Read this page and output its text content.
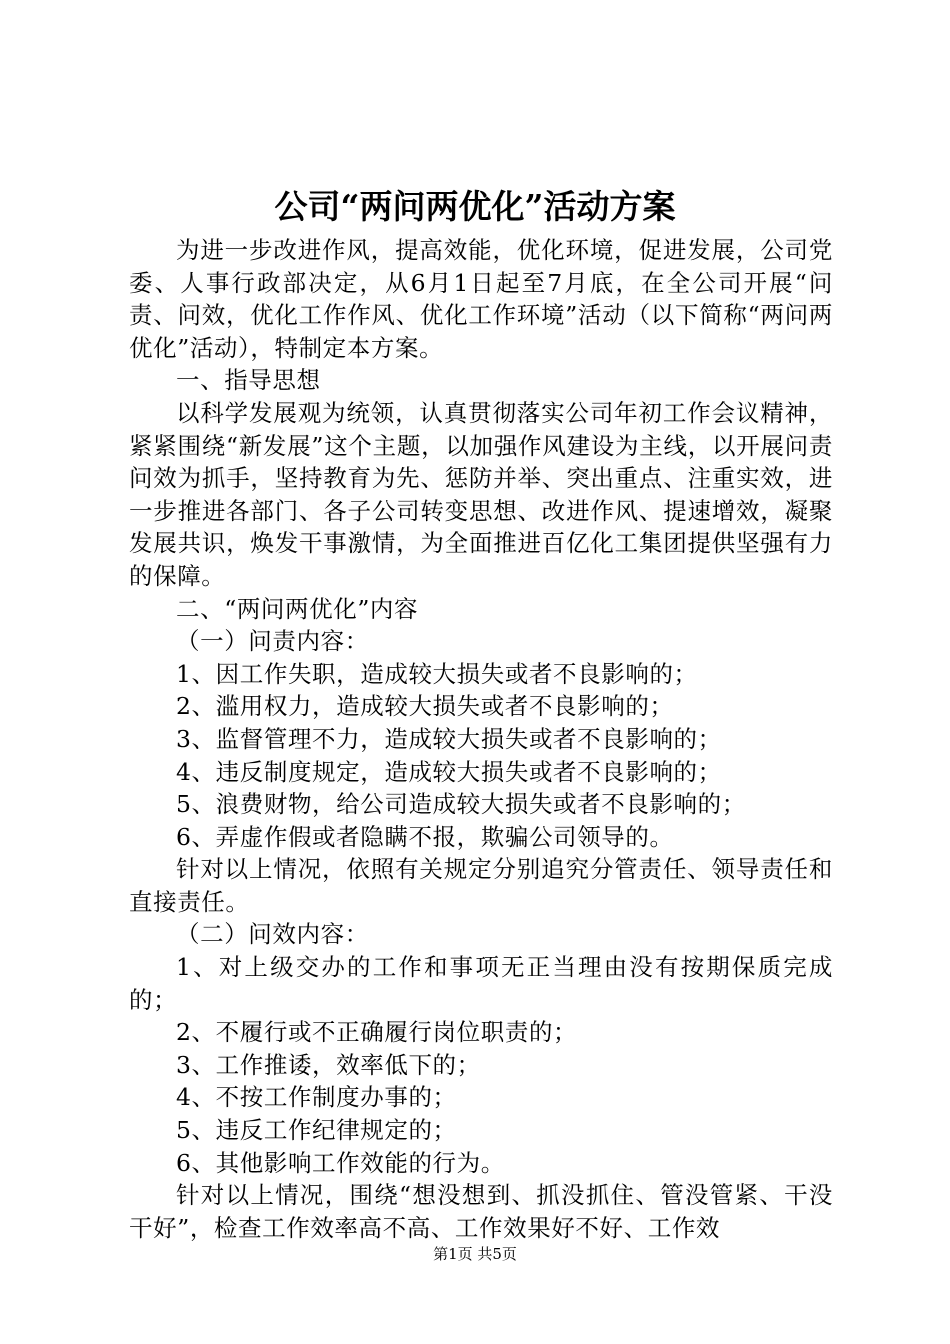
公司“两问两优化”活动方案

为进一步改进作风，提高效能，优化环境，促进发展，公司党委、人事行政部决定，从6月1日起至7月底，在全公司开展“问责、问效，优化工作作风、优化工作环境”活动（以下简称“两问两优化”活动），特制定本方案。

一、指导思想

以科学发展观为统领，认真贯彻落实公司年初工作会议精神，紧紧围绕“新发展”这个主题，以加强作风建设为主线，以开展问责问效为抓手，坚持教育为先、惩防并举、突出重点、注重实效，进一步推进各部门、各子公司转变思想、改进作风、提速增效，凝聚发展共识，焕发干事激情，为全面推进百亿化工集团提供坚强有力的保障。

二、“两问两优化”内容

（一）问责内容：

1、因工作失职，造成较大损失或者不良影响的；

2、滥用权力，造成较大损失或者不良影响的；

3、监督管理不力，造成较大损失或者不良影响的；

4、违反制度规定，造成较大损失或者不良影响的；

5、浪费财物，给公司造成较大损失或者不良影响的；

6、弄虚作假或者隐瞒不报，欺骗公司领导的。

针对以上情况，依照有关规定分别追究分管责任、领导责任和直接责任。

（二）问效内容：

1、对上级交办的工作和事项无正当理由没有按期保质完成的；

2、不履行或不正确履行岗位职责的；

3、工作推诿，效率低下的；

4、不按工作制度办事的；

5、违反工作纪律规定的；

6、其他影响工作效能的行为。

针对以上情况，围绕“想没想到、抓没抓住、管没管紧、干没干好”，检查工作效率高不高、工作效果好不好、工作效

第1页 共5页
